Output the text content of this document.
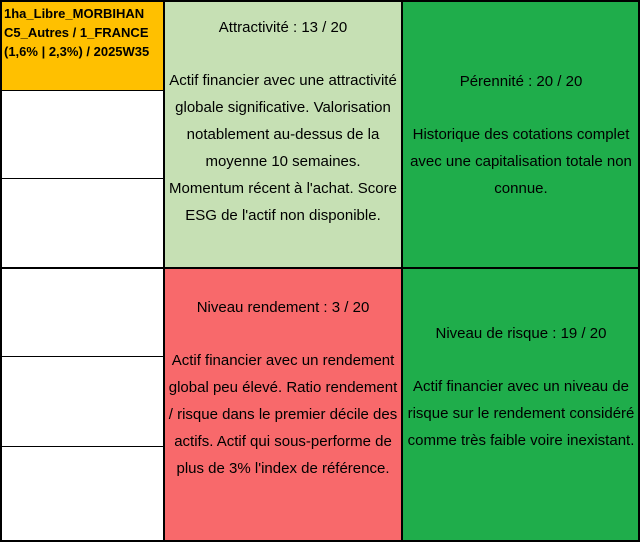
1ha_Libre_MORBIHAN
C5_Autres / 1_FRANCE
(1,6% | 2,3%) / 2025W35
Attractivité : 13 / 20
Actif financier avec une attractivité globale significative. Valorisation notablement au-dessus de la moyenne 10 semaines. Momentum récent à l'achat. Score ESG de l'actif non disponible.
Pérennité : 20 / 20
Historique des cotations complet avec une capitalisation totale non connue.
Niveau rendement : 3 / 20
Actif financier avec un rendement global peu élevé. Ratio rendement / risque dans le premier décile des actifs. Actif qui sous-performe de plus de 3% l'index de référence.
Niveau de risque : 19 / 20
Actif financier avec un niveau de risque sur le rendement considéré comme très faible voire inexistant.
